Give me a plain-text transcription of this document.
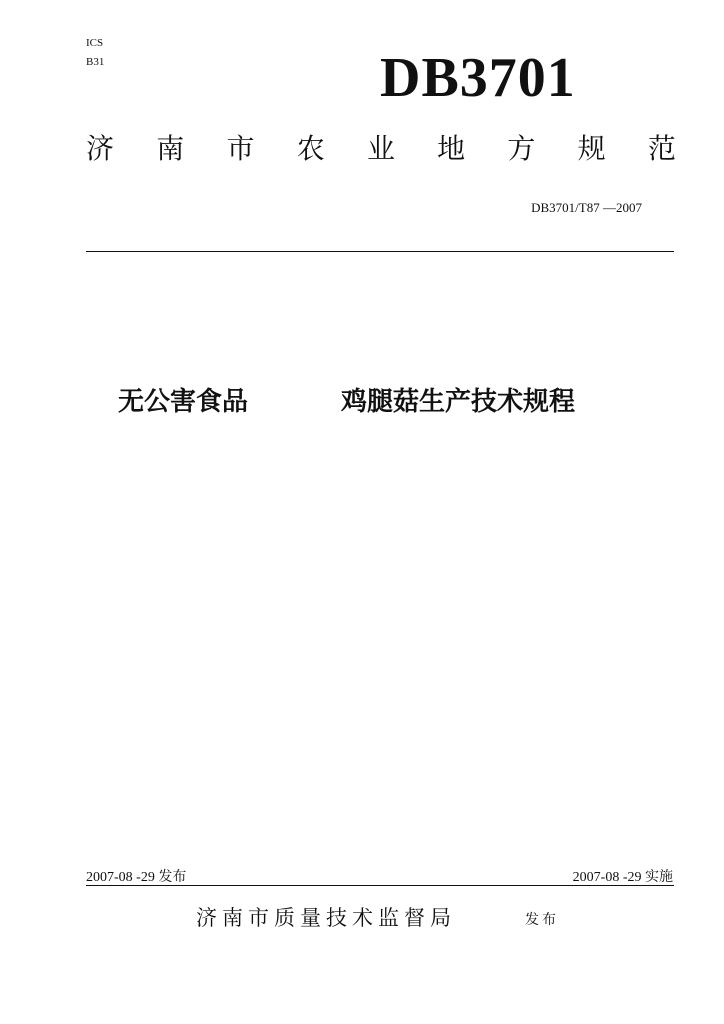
ICS
B31	DB3701
济 南 市 农 业 地 方 规 范
DB3701/T87 —2007
无公害食品	鸡腿菇生产技术规程
2007-08 -29 发布	2007-08 -29 实施
济南市质量技术监督局	发布
